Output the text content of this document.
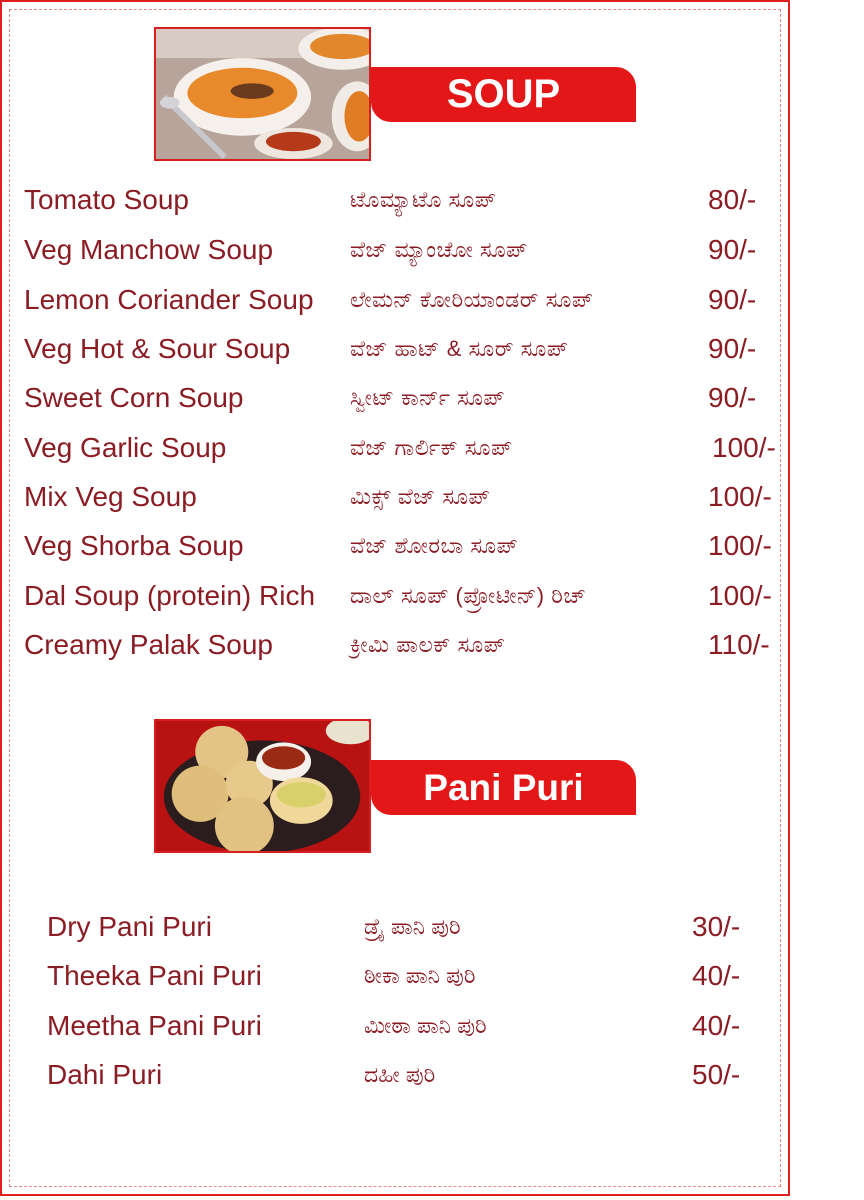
SOUP
Tomato Soup	ಟೊಮ್ಯಾಟೊ ಸೂಪ್	80/-
Veg Manchow Soup	ವೆಜ್ ಮ್ಯಾಂಚೋ ಸೂಪ್	90/-
Lemon Coriander Soup ಲೇಮನ್ ಕೋರಿಯಾಂಡರ್ ಸೂಪ್	90/-
Veg Hot & Sour Soup	ವೆಜ್ ಹಾಟ್ & ಸೂರ್ ಸೂಪ್	90/-
Sweet Corn Soup	ಸ್ವೀಟ್ ಕಾರ್ನ್ ಸೂಪ್	90/-
Veg Garlic Soup	ವೆಜ್ ಗಾರ್ಲಿಕ್ ಸೂಪ್	100/-
Mix Veg Soup	ಮಿಕ್ಸ್ ವೆಜ್ ಸೂಪ್	100/-
Veg Shorba Soup	ವೆಜ್ ಶೋರಬಾ ಸೂಪ್	100/-
Dal Soup (protein) Rich ದಾಲ್ ಸೂಪ್ (ಪ್ರೋಟೀನ್) ರಿಚ್	100/-
Creamy Palak Soup	ಕ್ರೀಮಿ ಪಾಲಕ್ ಸೂಪ್	110/-
Pani Puri
Dry Pani Puri	ಡ್ರೈ ಪಾನಿ ಪುರಿ	30/-
Theeka Pani Puri	ಠೀಕಾ ಪಾನಿ ಪುರಿ	40/-
Meetha Pani Puri	ಮೀಠಾ ಪಾನಿ ಪುರಿ	40/-
Dahi Puri	ದಹೀ ಪುರಿ	50/-
